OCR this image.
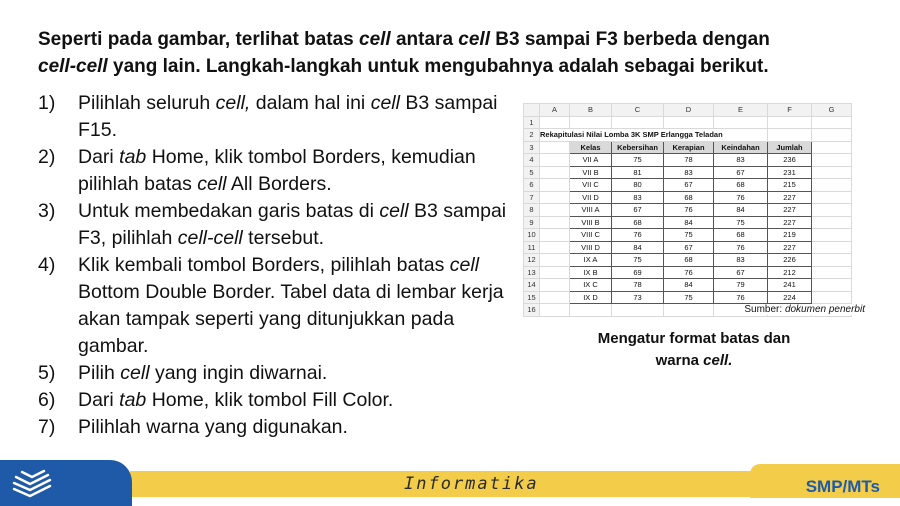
Seperti pada gambar, terlihat batas cell antara cell B3 sampai F3 berbeda dengan
cell-cell yang lain. Langkah-langkah untuk mengubahnya adalah sebagai berikut.
1) Pilihlah seluruh cell, dalam hal ini cell B3 sampai F15.
2) Dari tab Home, klik tombol Borders, kemudian pilihlah batas cell All Borders.
3) Untuk membedakan garis batas di cell B3 sampai F3, pilihlah cell-cell tersebut.
4) Klik kembali tombol Borders, pilihlah batas cell Bottom Double Border. Tabel data di lembar kerja akan tampak seperti yang ditunjukkan pada gambar.
5) Pilih cell yang ingin diwarnai.
6) Dari tab Home, klik tombol Fill Color.
7) Pilihlah warna yang digunakan.
	A	B	C	D	E	F	G
1							
2	Rekapitulasi Nilai Lomba 3K SMP Erlangga Teladan						
3		Kelas	Kebersihan	Kerapian	Keindahan	Jumlah	
4		VII A	75	78	83	236	
5		VII B	81	83	67	231	
6		VII C	80	67	68	215	
7		VII D	83	68	76	227	
8		VIII A	67	76	84	227	
9		VIII B	68	84	75	227	
10		VIII C	76	75	68	219	
11		VIII D	84	67	76	227	
12		IX A	75	68	83	226	
13		IX B	69	76	67	212	
14		IX C	78	84	79	241	
15		IX D	73	75	76	224	
16								Sumber: dokumen penerbit
Mengatur format batas dan
warna cell.
Informatika	SMP/MTs
